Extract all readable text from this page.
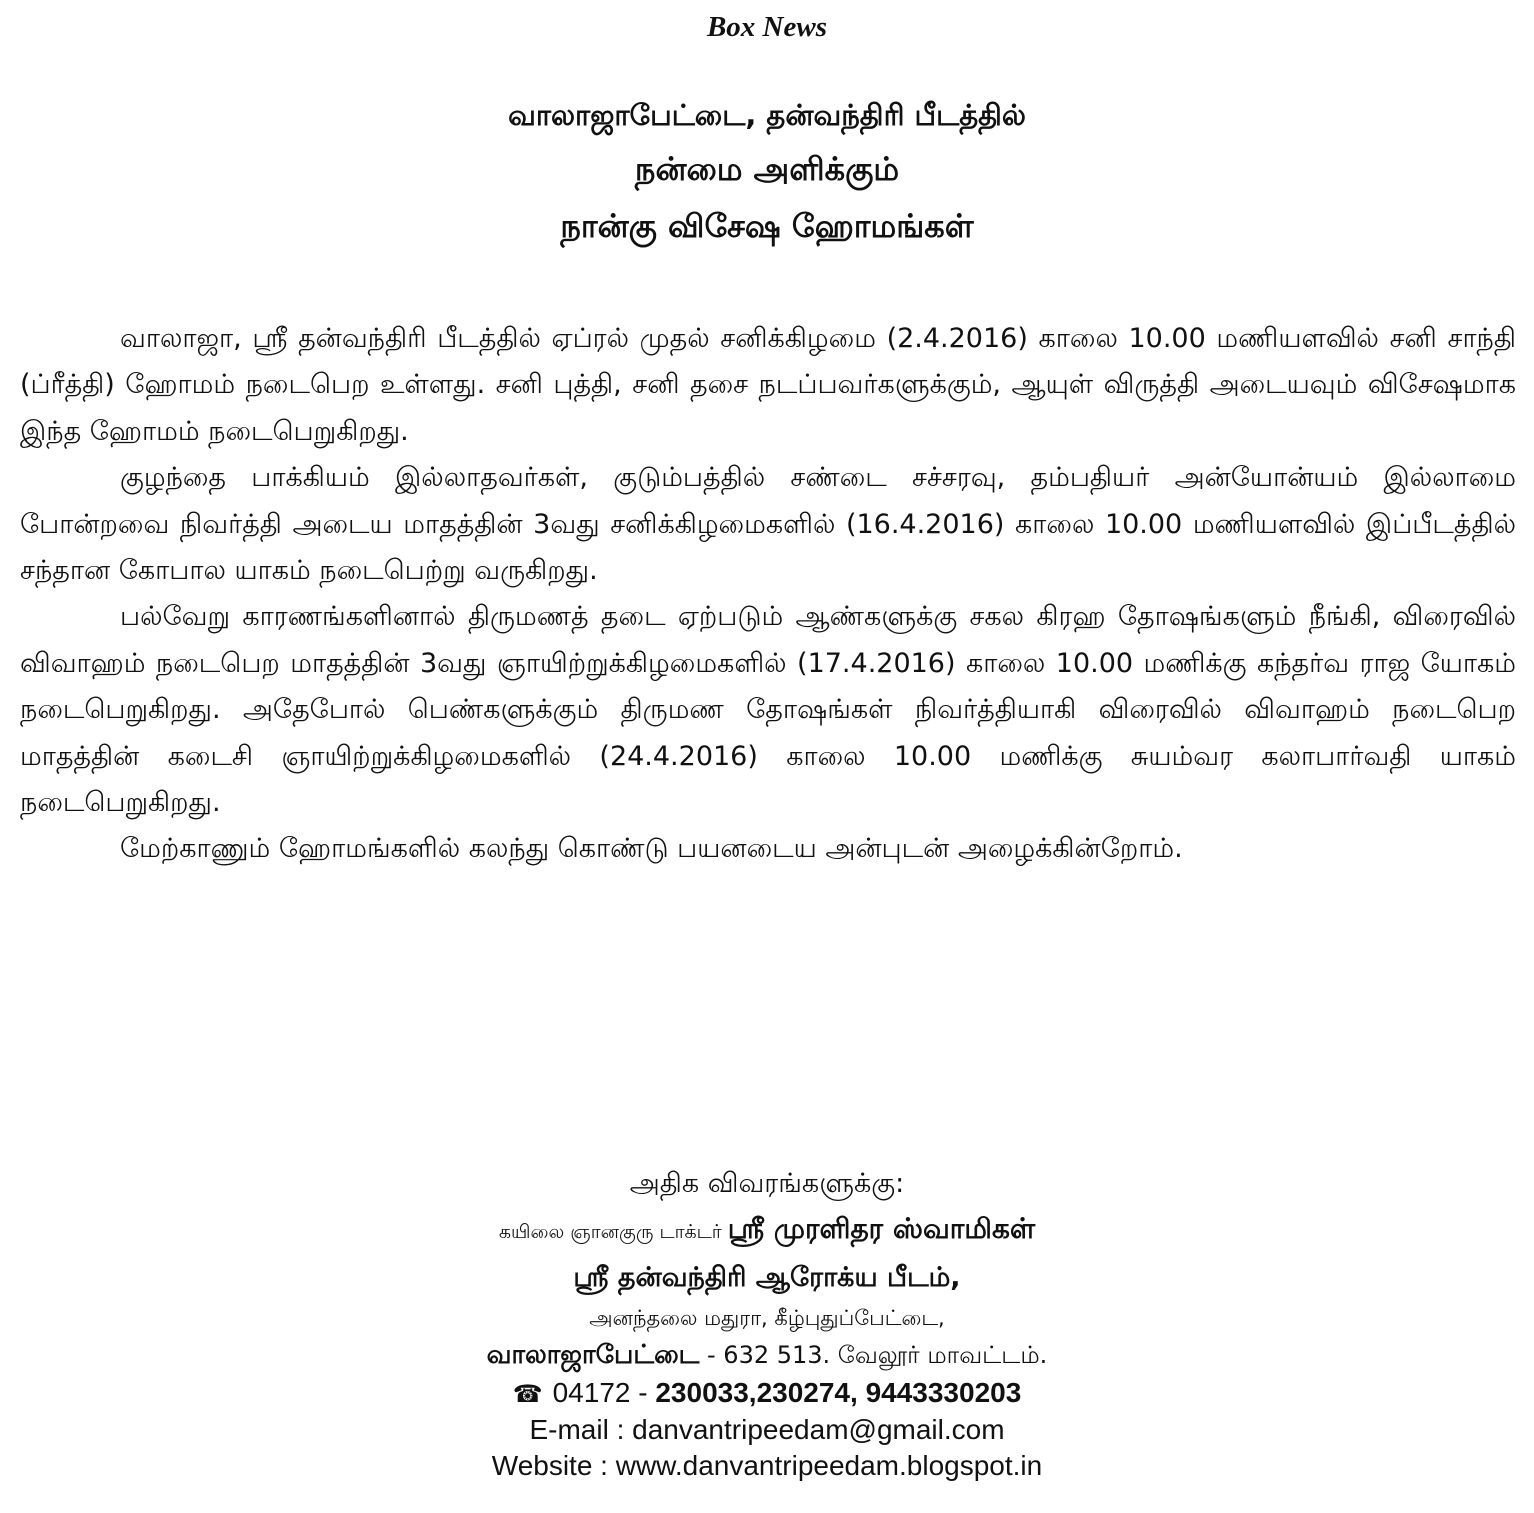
Box News
வாலாஜாபேட்டை, தன்வந்திரி பீடத்தில்
நன்மை அளிக்கும்
நான்கு விசேஷ ஹோமங்கள்

வாலாஜா, ஸ்ரீ தன்வந்திரி பீடத்தில் ஏப்ரல் முதல் சனிக்கிழமை (2.4.2016) காலை 10.00 மணியளவில் சனி சாந்தி (ப்ரீத்தி) ஹோமம் நடைபெற உள்ளது. சனி புத்தி, சனி தசை நடப்பவர்களுக்கும், ஆயுள் விருத்தி அடையவும் விசேஷமாக இந்த ஹோமம் நடைபெறுகிறது.

குழந்தை பாக்கியம் இல்லாதவர்கள், குடும்பத்தில் சண்டை சச்சரவு, தம்பதியர் அன்யோன்யம் இல்லாமை போன்றவை நிவர்த்தி அடைய மாதத்தின் 3வது சனிக்கிழமைகளில் (16.4.2016) காலை 10.00 மணியளவில் இப்பீடத்தில் சந்தான கோபால யாகம் நடைபெற்று வருகிறது.

பல்வேறு காரணங்களினால் திருமணத் தடை ஏற்படும் ஆண்களுக்கு சகல கிரஹ தோஷங்களும் நீங்கி, விரைவில் விவாஹம் நடைபெற மாதத்தின் 3வது ஞாயிற்றுக்கிழமைகளில் (17.4.2016) காலை 10.00 மணிக்கு கந்தர்வ ராஜ யோகம் நடைபெறுகிறது. அதேபோல் பெண்களுக்கும் திருமண தோஷங்கள் நிவர்த்தியாகி விரைவில் விவாஹம் நடைபெற மாதத்தின் கடைசி ஞாயிற்றுக்கிழமைகளில் (24.4.2016) காலை 10.00 மணிக்கு சுயம்வர கலாபார்வதி யாகம் நடைபெறுகிறது.

மேற்காணும் ஹோமங்களில் கலந்து கொண்டு பயனடைய அன்புடன் அழைக்கின்றோம்.

அதிக விவரங்களுக்கு:
கயிலை ஞானகுரு டாக்டர் ஸ்ரீ முரளிதர ஸ்வாமிகள்
ஸ்ரீ தன்வந்திரி ஆரோக்ய பீடம்,
அனந்தலை மதுரா, கீழ்புதுப்பேட்டை,
வாலாஜாபேட்டை - 632 513. வேலூர் மாவட்டம்.
☎ 04172 - 230033,230274, 9443330203
E-mail : danvantripeedam@gmail.com
Website : www.danvantripeedam.blogspot.in
